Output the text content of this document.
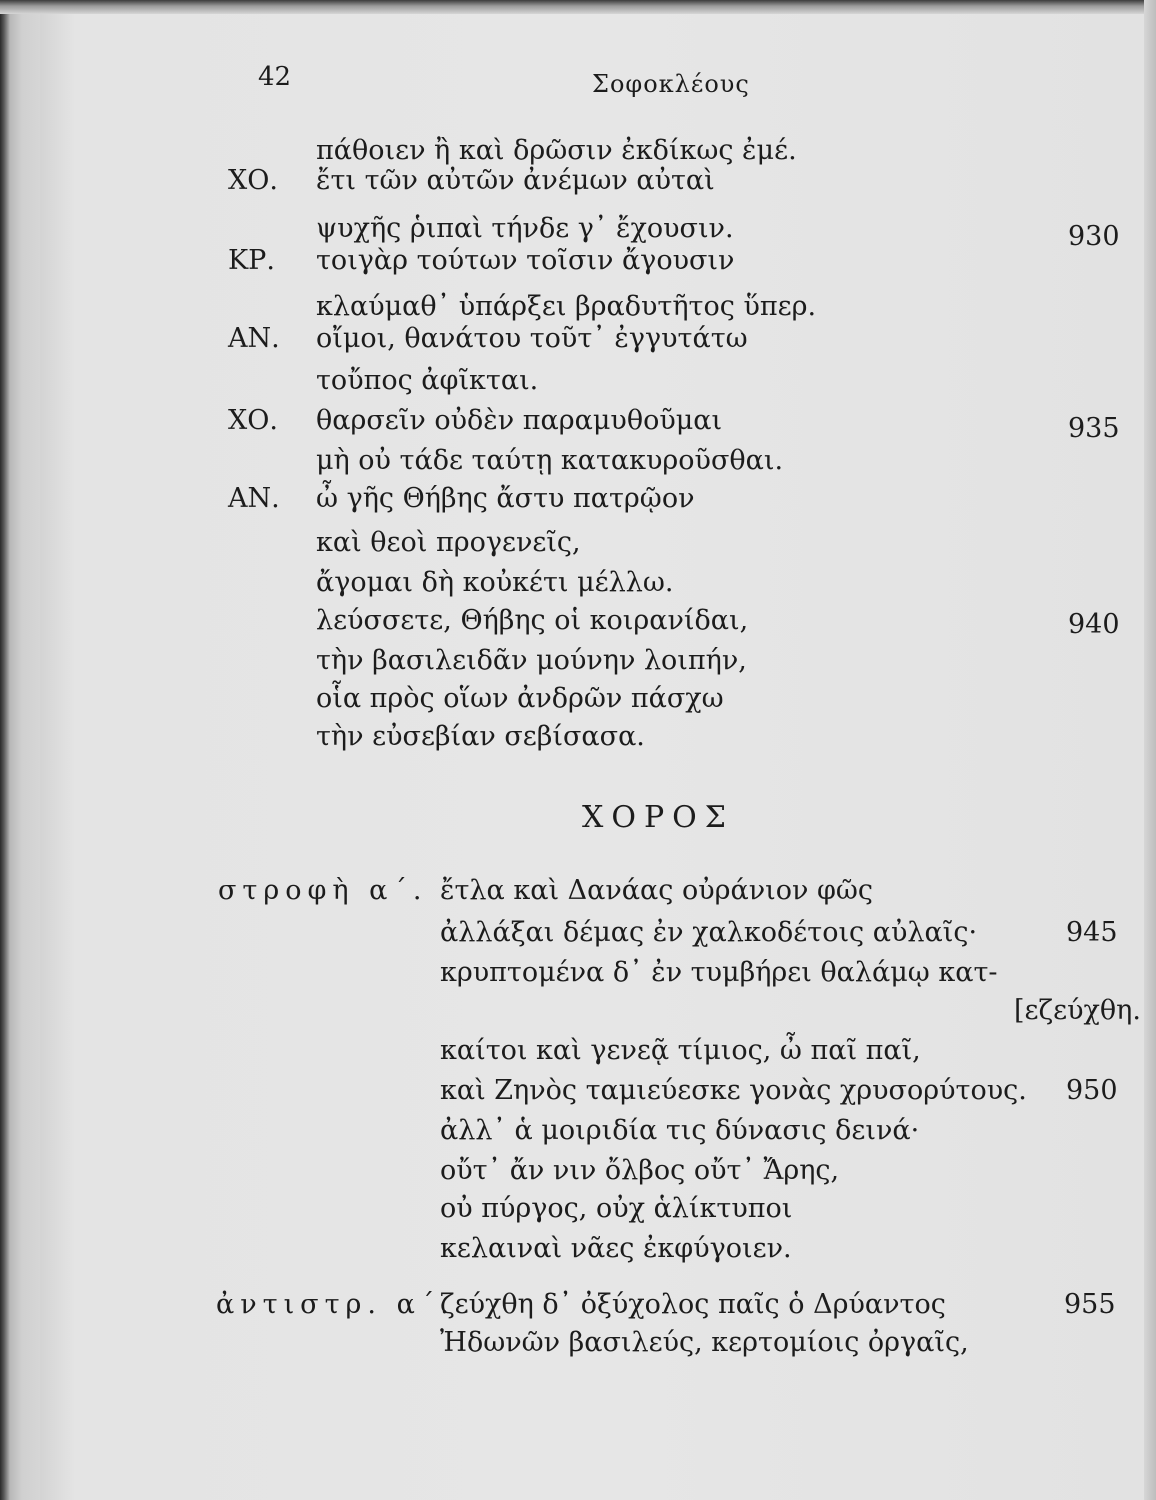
42	Σοφοκλέους
πάθοιεν ἢ καὶ δρῶσιν ἐκδίκως ἐμέ.
ΧΟ. ἔτι τῶν αὐτῶν ἀνέμων αὐταὶ
ψυχῆς ῥιπαὶ τήνδε γ᾽ ἔχουσιν.	930
ΚΡ. τοιγὰρ τούτων τοῖσιν ἄγουσιν
κλαύμαθ᾽ ὑπάρξει βραδυτῆτος ὕπερ.
ΑΝ. οἴμοι, θανάτου τοῦτ᾽ ἐγγυτάτω
τοὔπος ἀφῖκται.
ΧΟ. θαρσεῖν οὐδὲν παραμυθοῦμαι	935
μὴ οὐ τάδε ταύτῃ κατακυροῦσθαι.
ΑΝ. ὦ γῆς Θήβης ἄστυ πατρῷον
καὶ θεοὶ προγενεῖς,
ἄγομαι δὴ κοὐκέτι μέλλω.
λεύσσετε, Θήβης οἱ κοιρανίδαι,	940
τὴν βασιλειδᾶν μούνην λοιπήν,
οἷα πρὸς οἵων ἀνδρῶν πάσχω
τὴν εὐσεβίαν σεβίσασα.
ΧΟΡΟΣ
στροφὴ α΄. ἔτλα καὶ Δανάας οὐράνιον φῶς
ἀλλάξαι δέμας ἐν χαλκοδέτοις αὐλαῖς·	945
κρυπτομένα δ᾽ ἐν τυμβήρει θαλάμῳ κατ-
[εζεύχθη.
καίτοι καὶ γενεᾷ τίμιος, ὦ παῖ παῖ,
καὶ Ζηνὸς ταμιεύεσκε γονὰς χρυσορύτους. 950
ἀλλ᾽ ἁ μοιριδία τις δύνασις δεινά·
οὔτ᾽ ἄν νιν ὄλβος οὔτ᾽ Ἄρης,
οὐ πύργος, οὐχ ἁλίκτυποι
κελαιναὶ νᾶες ἐκφύγοιεν.
ἀντιστρ. α΄.
ζεύχθη δ᾽ ὀξύχολος παῖς ὁ Δρύαντος	955
Ἠδωνῶν βασιλεύς, κερτομίοις ὀργαῖς,
